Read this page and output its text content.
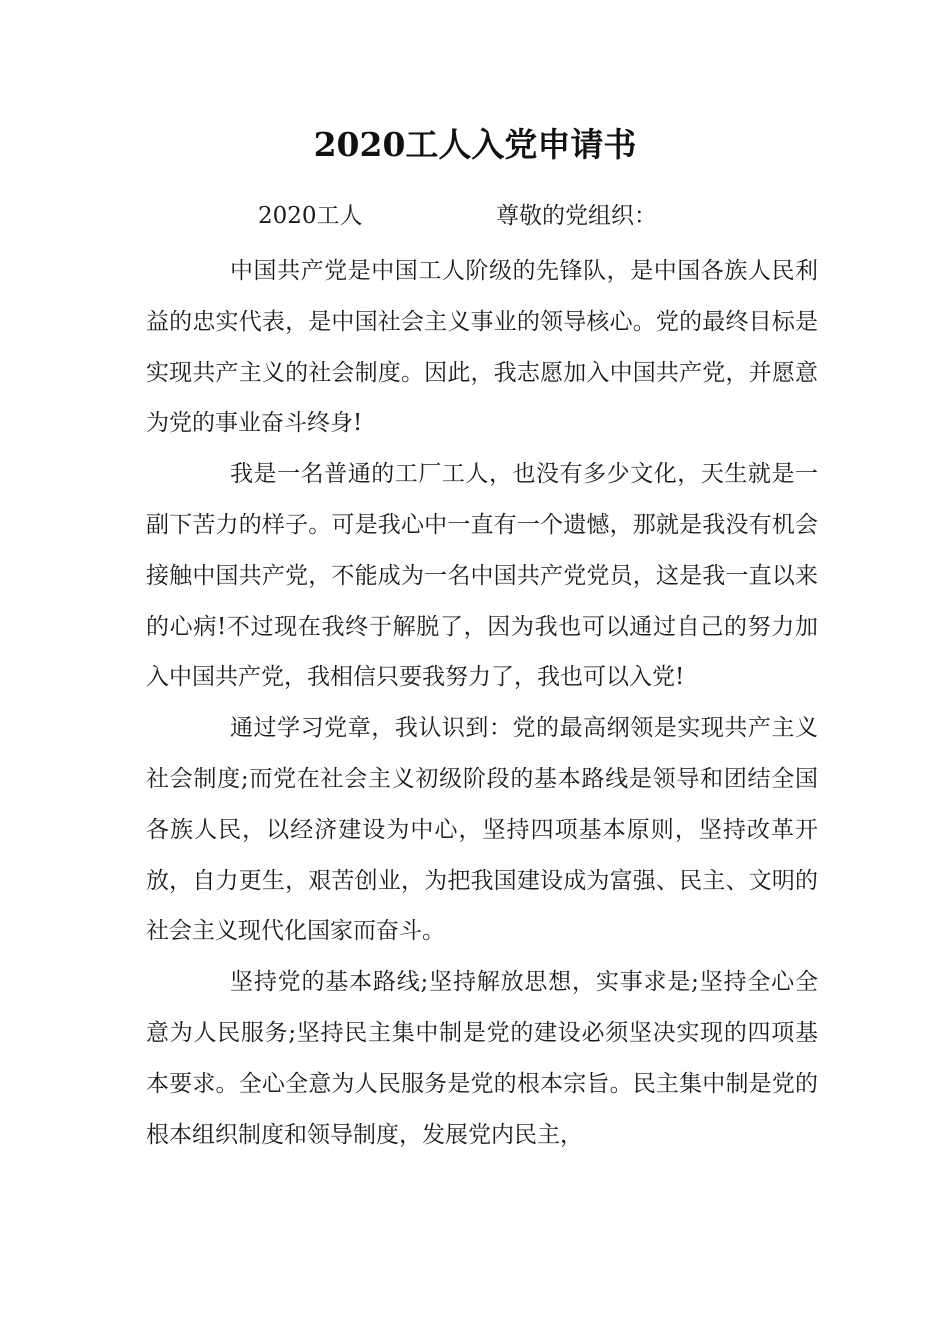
2020工人入党申请书
2020工人	尊敬的党组织：

中国共产党是中国工人阶级的先锋队，是中国各族人民利益的忠实代表，是中国社会主义事业的领导核心。党的最终目标是实现共产主义的社会制度。因此，我志愿加入中国共产党，并愿意为党的事业奋斗终身!

我是一名普通的工厂工人，也没有多少文化，天生就是一副下苦力的样子。可是我心中一直有一个遗憾，那就是我没有机会接触中国共产党，不能成为一名中国共产党党员，这是我一直以来的心病!不过现在我终于解脱了，因为我也可以通过自己的努力加入中国共产党，我相信只要我努力了，我也可以入党!

通过学习党章，我认识到：党的最高纲领是实现共产主义社会制度;而党在社会主义初级阶段的基本路线是领导和团结全国各族人民，以经济建设为中心，坚持四项基本原则，坚持改革开放，自力更生，艰苦创业，为把我国建设成为富强、民主、文明的社会主义现代化国家而奋斗。

坚持党的基本路线;坚持解放思想，实事求是;坚持全心全意为人民服务;坚持民主集中制是党的建设必须坚决实现的四项基本要求。全心全意为人民服务是党的根本宗旨。民主集中制是党的根本组织制度和领导制度，发展党内民主，
